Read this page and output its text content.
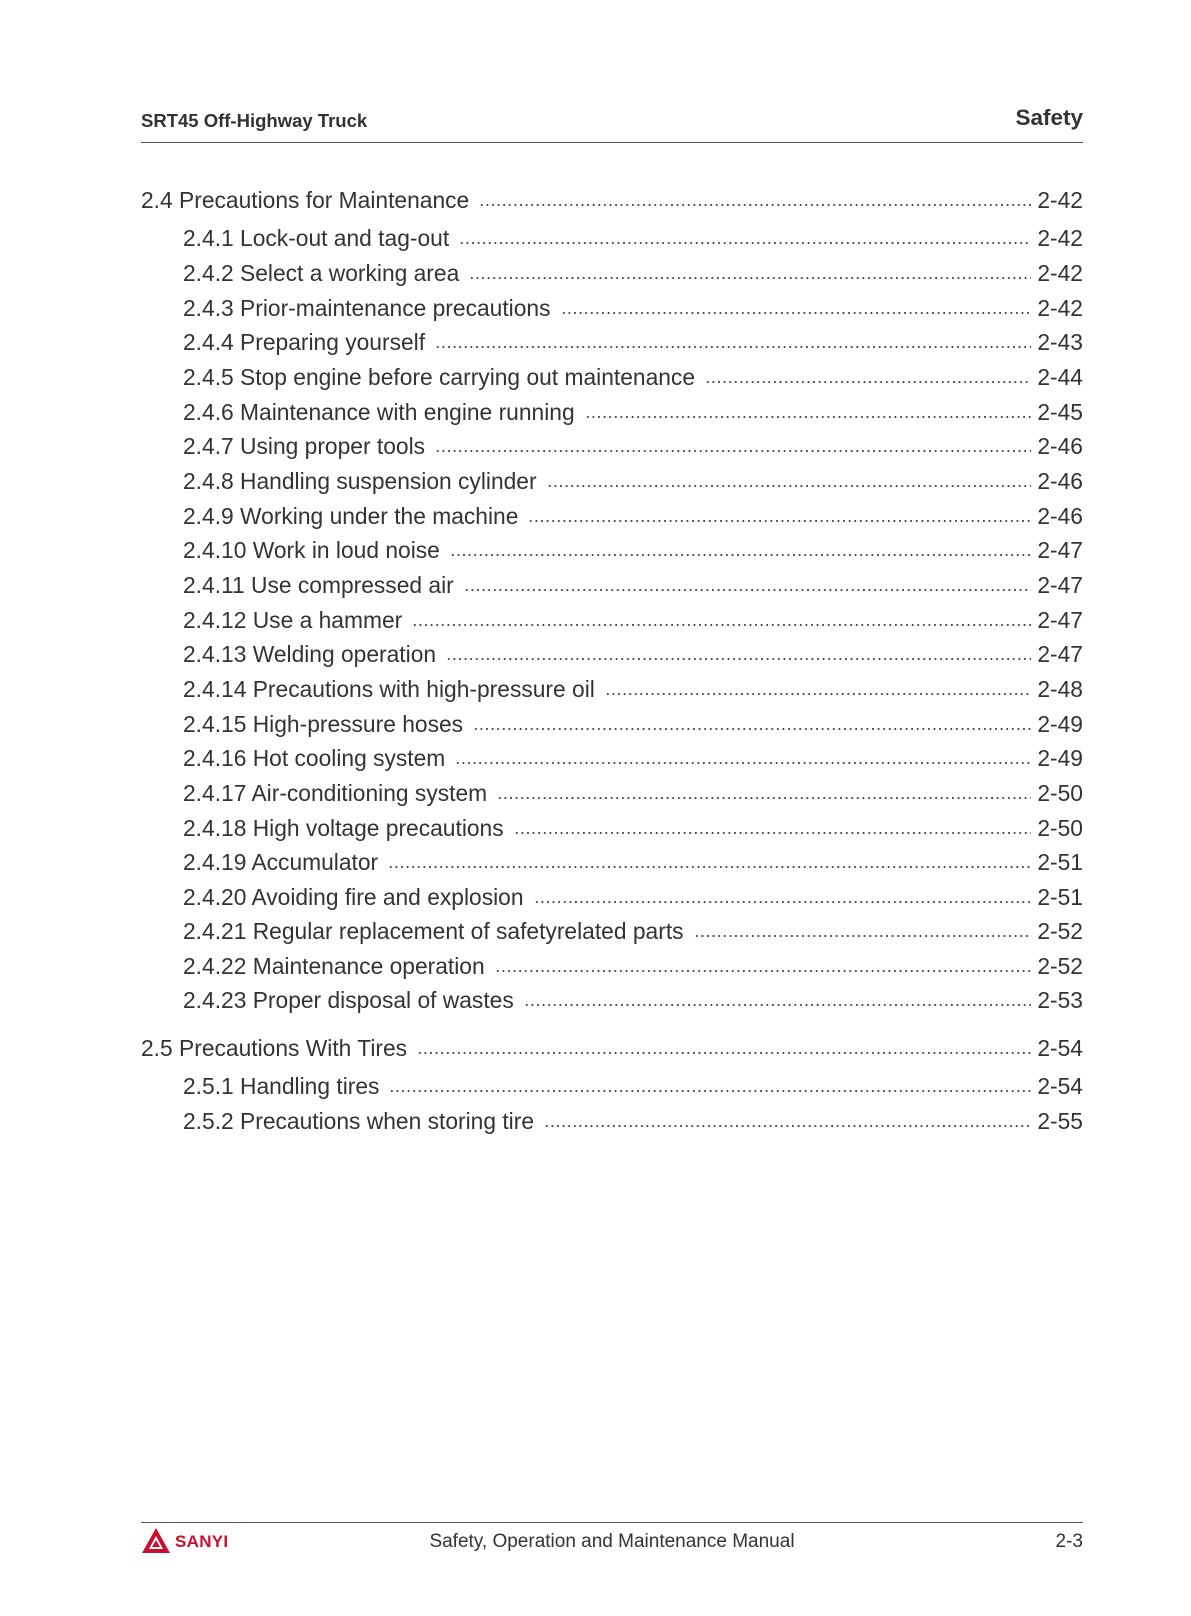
SRT45 Off-Highway Truck	Safety
2.4 Precautions for Maintenance	2-42
2.4.1 Lock-out and tag-out	2-42
2.4.2 Select a working area	2-42
2.4.3 Prior-maintenance precautions	2-42
2.4.4 Preparing yourself	2-43
2.4.5 Stop engine before carrying out maintenance	2-44
2.4.6 Maintenance with engine running	2-45
2.4.7 Using proper tools	2-46
2.4.8 Handling suspension cylinder	2-46
2.4.9 Working under the machine	2-46
2.4.10 Work in loud noise	2-47
2.4.11 Use compressed air	2-47
2.4.12 Use a hammer	2-47
2.4.13 Welding operation	2-47
2.4.14 Precautions with high-pressure oil	2-48
2.4.15 High-pressure hoses	2-49
2.4.16 Hot cooling system	2-49
2.4.17 Air-conditioning system	2-50
2.4.18 High voltage precautions	2-50
2.4.19 Accumulator	2-51
2.4.20 Avoiding fire and explosion	2-51
2.4.21 Regular replacement of safetyrelated parts	2-52
2.4.22 Maintenance operation	2-52
2.4.23 Proper disposal of wastes	2-53
2.5 Precautions With Tires	2-54
2.5.1 Handling tires	2-54
2.5.2 Precautions when storing tire	2-55
SANYI	Safety, Operation and Maintenance Manual	2-3
